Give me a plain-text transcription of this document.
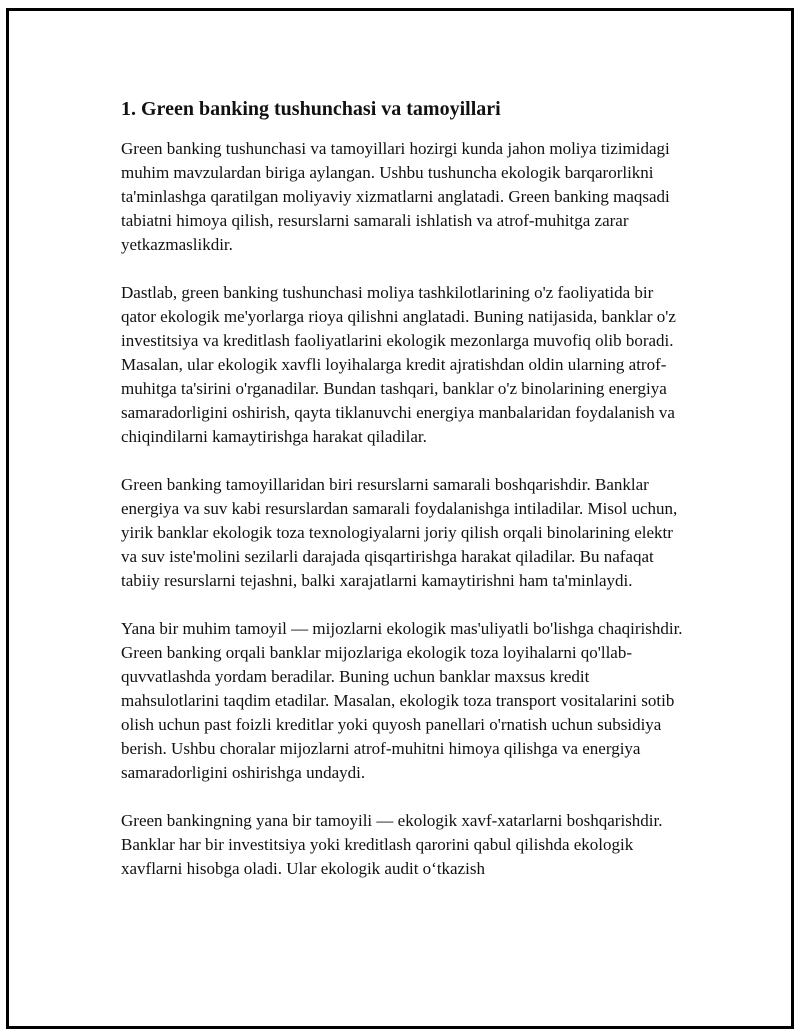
1. Green banking tushunchasi va tamoyillari

Green banking tushunchasi va tamoyillari hozirgi kunda jahon moliya tizimidagi muhim mavzulardan biriga aylangan. Ushbu tushuncha ekologik barqarorlikni ta'minlashga qaratilgan moliyaviy xizmatlarni anglatadi. Green banking maqsadi tabiatni himoya qilish, resurslarni samarali ishlatish va atrof-muhitga zarar yetkazmaslikdir.

Dastlab, green banking tushunchasi moliya tashkilotlarining o'z faoliyatida bir qator ekologik me'yorlarga rioya qilishni anglatadi. Buning natijasida, banklar o'z investitsiya va kreditlash faoliyatlarini ekologik mezonlarga muvofiq olib boradi. Masalan, ular ekologik xavfli loyihalarga kredit ajratishdan oldin ularning atrof-muhitga ta'sirini o'rganadilar. Bundan tashqari, banklar o'z binolarining energiya samaradorligini oshirish, qayta tiklanuvchi energiya manbalaridan foydalanish va chiqindilarni kamaytirishga harakat qiladilar.

Green banking tamoyillaridan biri resurslarni samarali boshqarishdir. Banklar energiya va suv kabi resurslardan samarali foydalanishga intiladilar. Misol uchun, yirik banklar ekologik toza texnologiyalarni joriy qilish orqali binolarining elektr va suv iste'molini sezilarli darajada qisqartirishga harakat qiladilar. Bu nafaqat tabiiy resurslarni tejashni, balki xarajatlarni kamaytirishni ham ta'minlaydi.

Yana bir muhim tamoyil — mijozlarni ekologik mas'uliyatli bo'lishga chaqirishdir. Green banking orqali banklar mijozlariga ekologik toza loyihalarni qo'llab-quvvatlashda yordam beradilar. Buning uchun banklar maxsus kredit mahsulotlarini taqdim etadilar. Masalan, ekologik toza transport vositalarini sotib olish uchun past foizli kreditlar yoki quyosh panellari o'rnatish uchun subsidiya berish. Ushbu choralar mijozlarni atrof-muhitni himoya qilishga va energiya samaradorligini oshirishga undaydi.

Green bankingning yana bir tamoyili — ekologik xavf-xatarlarni boshqarishdir. Banklar har bir investitsiya yoki kreditlash qarorini qabul qilishda ekologik xavflarni hisobga oladi. Ular ekologik audit o‘tkazish
